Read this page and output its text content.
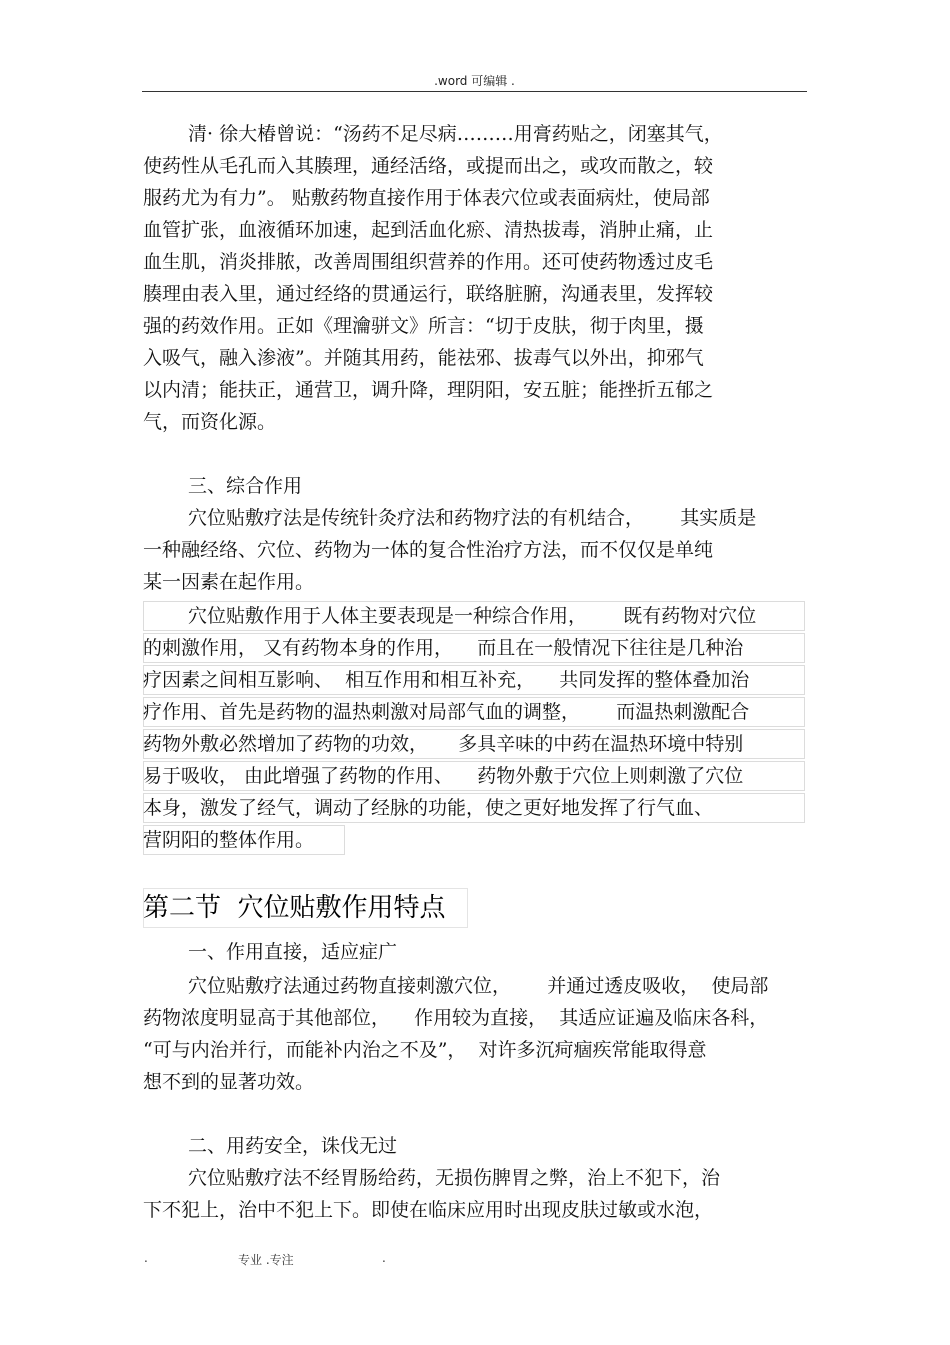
.word 可编辑 .
清· 徐大椿曾说：“汤药不足尽病………用膏药贴之，闭塞其气，
使药性从毛孔而入其腠理，通经活络，或提而出之，或攻而散之，较
服药尤为有力”。 贴敷药物直接作用于体表穴位或表面病灶，使局部
血管扩张，血液循环加速，起到活血化瘀、清热拔毒，消肿止痛，止
血生肌，消炎排脓，改善周围组织营养的作用。还可使药物透过皮毛
腠理由表入里，通过经络的贯通运行，联络脏腑，沟通表里，发挥较
强的药效作用。正如《理瀹骈文》所言：“切于皮肤，彻于肉里，摄
入吸气，融入渗液”。并随其用药，能祛邪、拔毒气以外出，抑邪气
以内清；能扶正，通营卫，调升降，理阴阳，安五脏；能挫折五郁之
气，而资化源。
三、综合作用
穴位贴敷疗法是传统针灸疗法和药物疗法的有机结合，      其实质是
一种融经络、穴位、药物为一体的复合性治疗方法，而不仅仅是单纯
某一因素在起作用。
穴位贴敷作用于人体主要表现是一种综合作用，      既有药物对穴位
的刺激作用， 又有药物本身的作用，    而且在一般情况下往往是几种治
疗因素之间相互影响、  相互作用和相互补充，    共同发挥的整体叠加治
疗作用、首先是药物的温热刺激对局部气血的调整，      而温热刺激配合
药物外敷必然增加了药物的功效，     多具辛味的中药在温热环境中特别
易于吸收， 由此增强了药物的作用、    药物外敷于穴位上则刺激了穴位
本身，激发了经气，调动了经脉的功能，使之更好地发挥了行气血、
营阴阳的整体作用。
第二节  穴位贴敷作用特点
一、作用直接，适应症广
穴位贴敷疗法通过药物直接刺激穴位，      并通过透皮吸收，  使局部
药物浓度明显高于其他部位，    作用较为直接，  其适应证遍及临床各科，
“可与内治并行，而能补内治之不及”，  对许多沉疴痼疾常能取得意
想不到的显著功效。
二、用药安全，诛伐无过
穴位贴敷疗法不经胃肠给药，无损伤脾胃之弊，治上不犯下，治
下不犯上，治中不犯上下。即使在临床应用时出现皮肤过敏或水泡，
.	专业 .专注	.
